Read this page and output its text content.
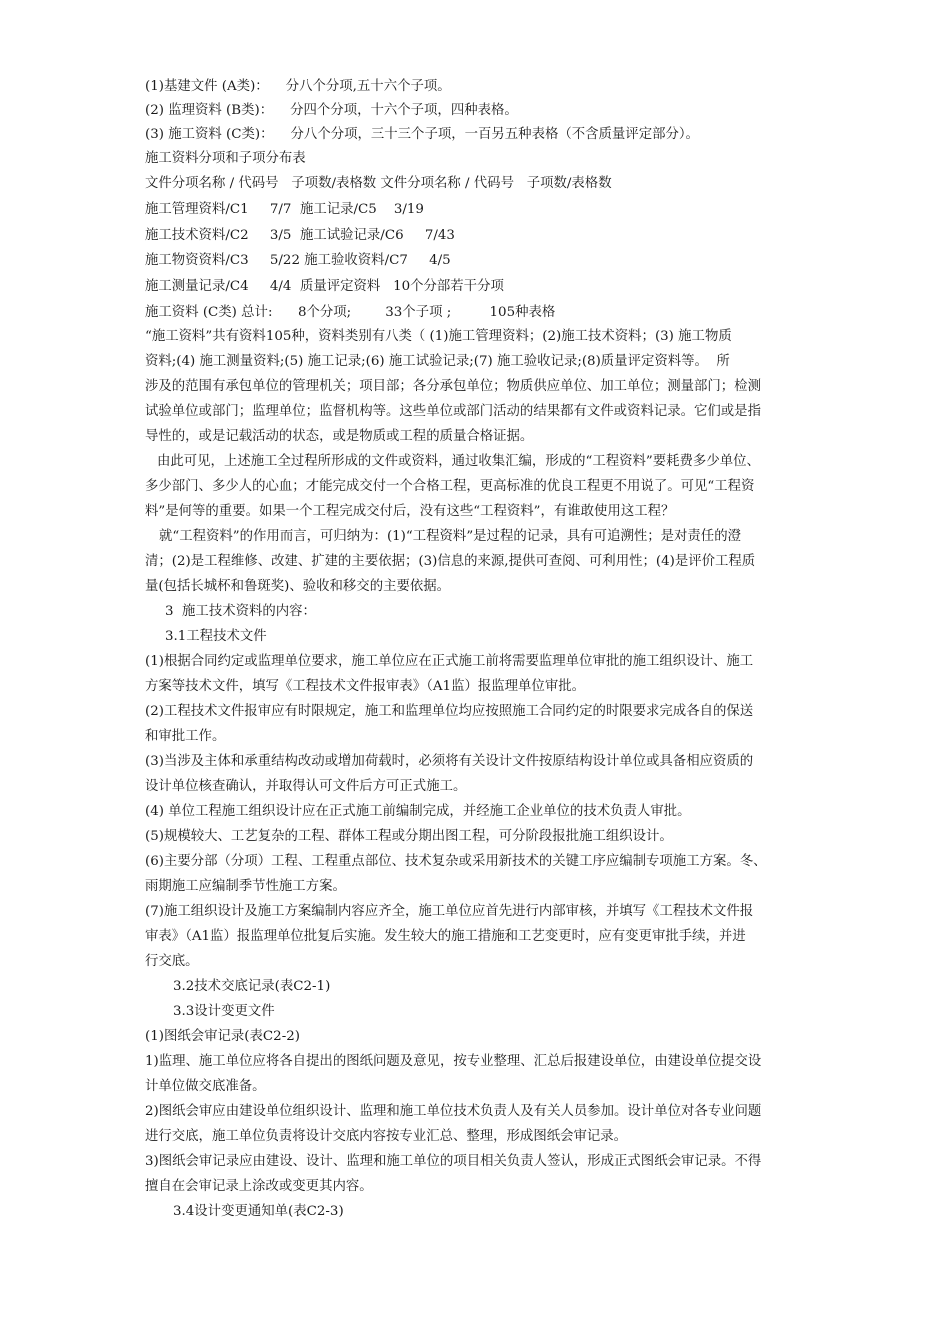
(1)基建文件 (A类)：    分八个分项,五十六个子项。
(2) 监理资料 (B类)：    分四个分项，十六个子项，四种表格。
(3) 施工资料 (C类)：    分八个分项，三十三个子项，一百另五种表格（不含质量评定部分）。
施工资料分项和子项分布表
文件分项名称 / 代码号   子项数/表格数 文件分项名称 / 代码号   子项数/表格数
施工管理资料/C1     7/7  施工记录/C5    3/19
施工技术资料/C2     3/5  施工试验记录/C6     7/43
施工物资资料/C3     5/22 施工验收资料/C7     4/5
施工测量记录/C4     4/4  质量评定资料   10个分部若干分项
施工资料 (C类) 总计:      8个分项;        33个子项 ;         105种表格
“施工资料”共有资料105种，资料类别有八类（ (1)施工管理资料；(2)施工技术资料；(3) 施工物质
资料;(4) 施工测量资料;(5) 施工记录;(6) 施工试验记录;(7) 施工验收记录;(8)质量评定资料等。  所
涉及的范围有承包单位的管理机关；项目部；各分承包单位；物质供应单位、加工单位；测量部门；检测
试验单位或部门；监理单位；监督机构等。这些单位或部门活动的结果都有文件或资料记录。它们或是指
导性的，或是记载活动的状态，或是物质或工程的质量合格证据。
由此可见，上述施工全过程所形成的文件或资料，通过收集汇编，形成的“工程资料”要耗费多少单位、
多少部门、多少人的心血；才能完成交付一个合格工程，更高标准的优良工程更不用说了。可见“工程资
料”是何等的重要。如果一个工程完成交付后，没有这些“工程资料”，有谁敢使用这工程？
就“工程资料”的作用而言，可归纳为：(1)“工程资料”是过程的记录，具有可追溯性；是对责任的澄
清；(2)是工程维修、改建、扩建的主要依据；(3)信息的来源,提供可查阅、可利用性；(4)是评价工程质
量(包括长城杯和鲁斑奖)、验收和移交的主要依据。
3  施工技术资料的内容：
3.1工程技术文件
(1)根据合同约定或监理单位要求，施工单位应在正式施工前将需要监理单位审批的施工组织设计、施工
方案等技术文件，填写《工程技术文件报审表》（A1监）报监理单位审批。
(2)工程技术文件报审应有时限规定，施工和监理单位均应按照施工合同约定的时限要求完成各自的保送
和审批工作。
(3)当涉及主体和承重结构改动或增加荷载时，必须将有关设计文件按原结构设计单位或具备相应资质的
设计单位核查确认，并取得认可文件后方可正式施工。
(4) 单位工程施工组织设计应在正式施工前编制完成，并经施工企业单位的技术负责人审批。
(5)规模较大、工艺复杂的工程、群体工程或分期出图工程，可分阶段报批施工组织设计。
(6)主要分部（分项）工程、工程重点部位、技术复杂或采用新技术的关键工序应编制专项施工方案。冬、
雨期施工应编制季节性施工方案。
(7)施工组织设计及施工方案编制内容应齐全，施工单位应首先进行内部审核，并填写《工程技术文件报
审表》（A1监）报监理单位批复后实施。发生较大的施工措施和工艺变更时，应有变更审批手续，并进
行交底。
3.2技术交底记录(表C2-1)
3.3设计变更文件
(1)图纸会审记录(表C2-2)
1)监理、施工单位应将各自提出的图纸问题及意见，按专业整理、汇总后报建设单位，由建设单位提交设
计单位做交底准备。
2)图纸会审应由建设单位组织设计、监理和施工单位技术负责人及有关人员参加。设计单位对各专业问题
进行交底，施工单位负责将设计交底内容按专业汇总、整理，形成图纸会审记录。
3)图纸会审记录应由建设、设计、监理和施工单位的项目相关负责人签认，形成正式图纸会审记录。不得
擅自在会审记录上涂改或变更其内容。
3.4设计变更通知单(表C2-3)
